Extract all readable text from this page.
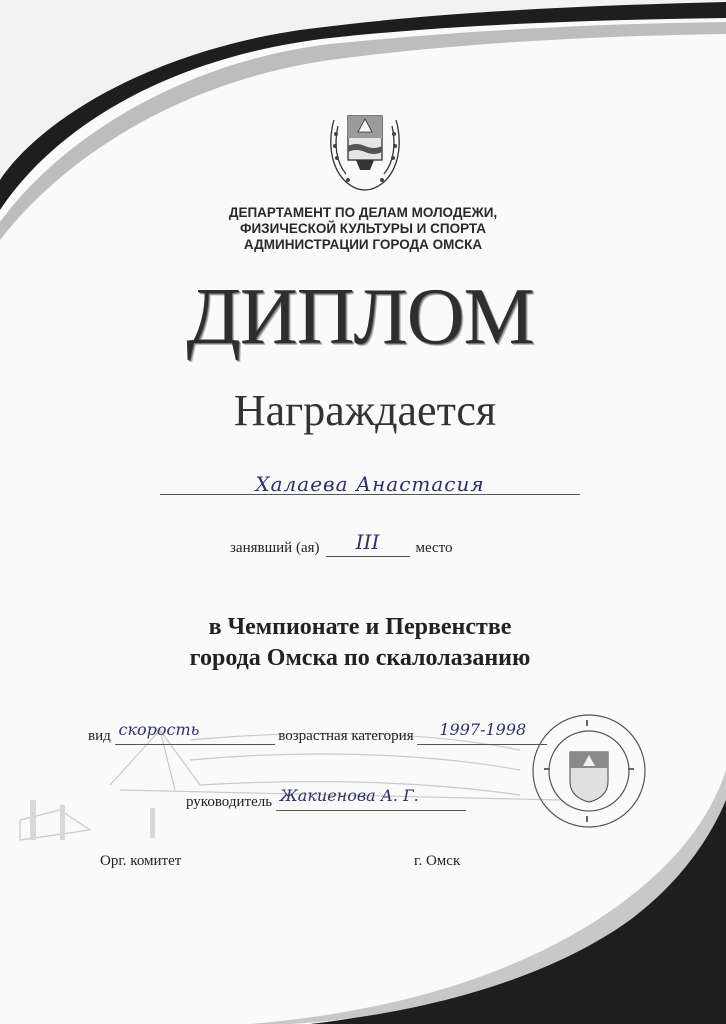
ДЕПАРТАМЕНТ ПО ДЕЛАМ МОЛОДЕЖИ,
ФИЗИЧЕСКОЙ КУЛЬТУРЫ И СПОРТА
АДМИНИСТРАЦИИ ГОРОДА ОМСКА
ДИПЛОМ
Награждается
Халаева Анастасия
занявший (ая)	III	место
в Чемпионате и Первенстве
города Омска по скалолазанию
вид скорость	возрастная категория 1997-1998
руководитель Жакиенова А. Г.
Орг. комитет	г. Омск
